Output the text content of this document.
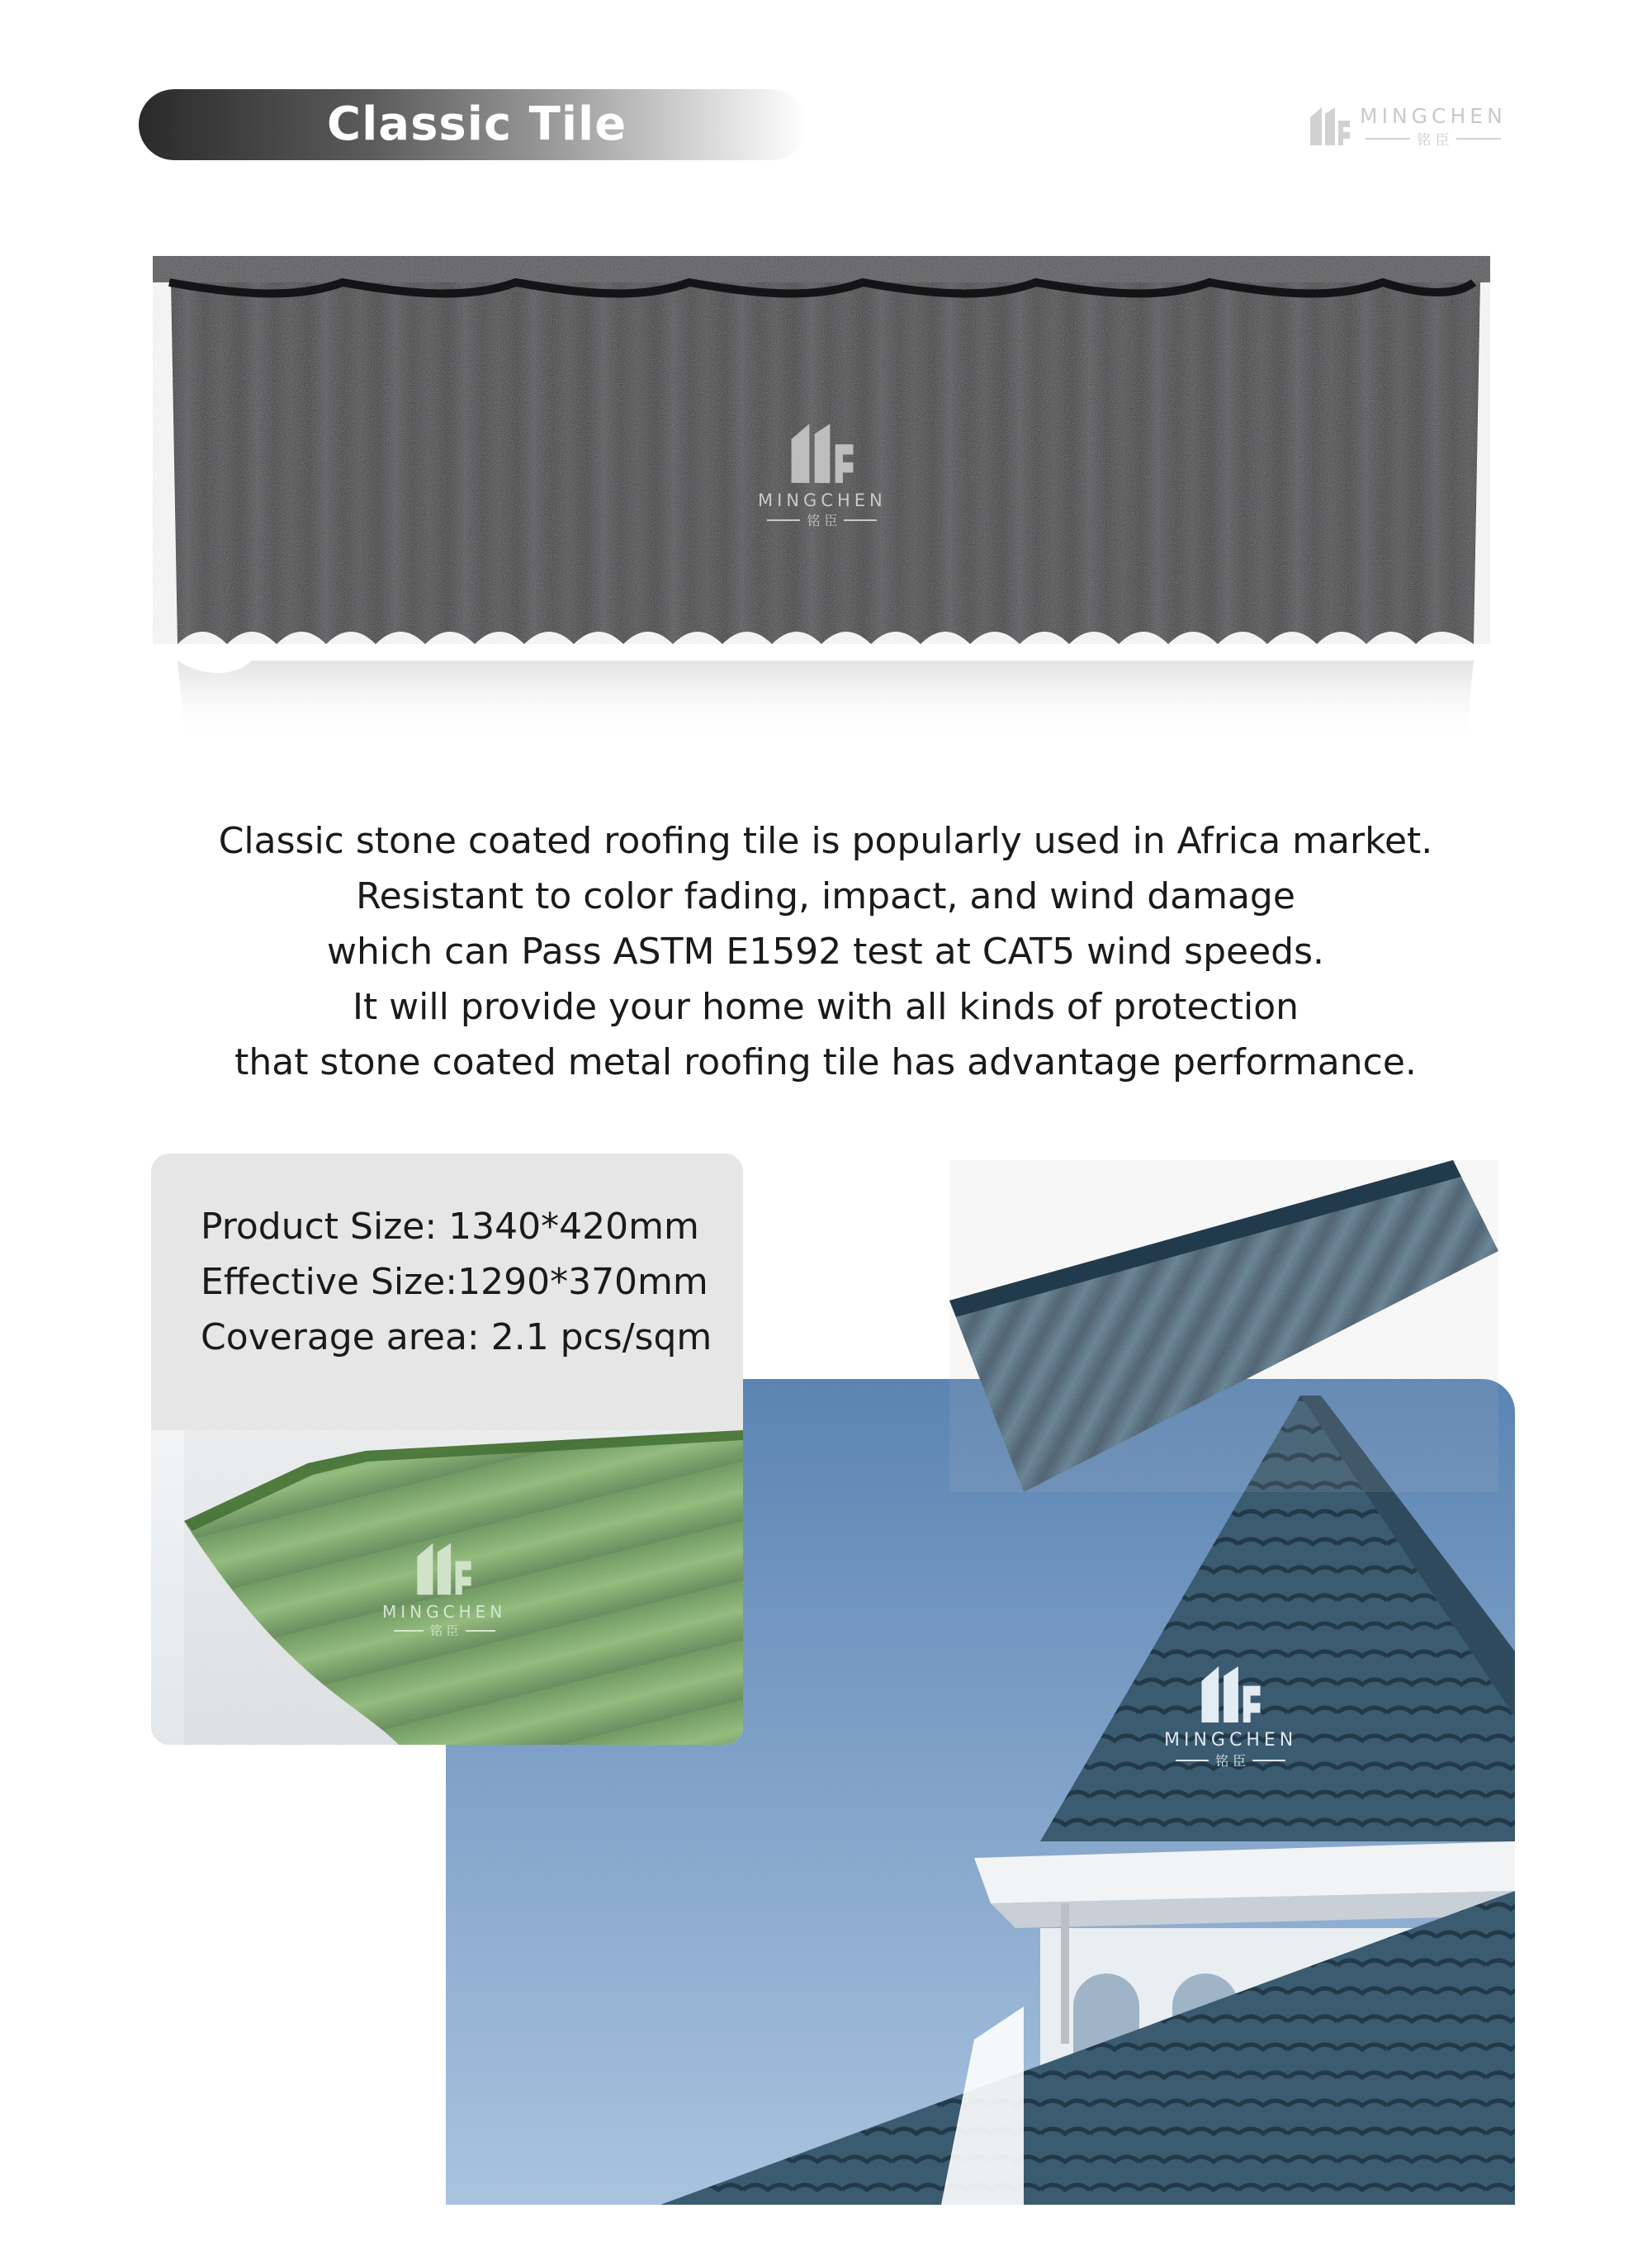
Classic Tile	MINGCHEN
铭 臣
MINGCHEN
铭 臣

Classic stone coated roofing tile is popularly used in Africa market.

Resistant to color fading, impact, and wind damage

which can Pass ASTM E1592 test at CAT5 wind speeds.

It will provide your home with all kinds of protection

that stone coated metal roofing tile has advantage performance.

MINGCHEN
铭 臣

Product Size: 1340*420mm

Effective Size:1290*370mm

Coverage area: 2.1 pcs/sqm

MINGCHEN
铭 臣
